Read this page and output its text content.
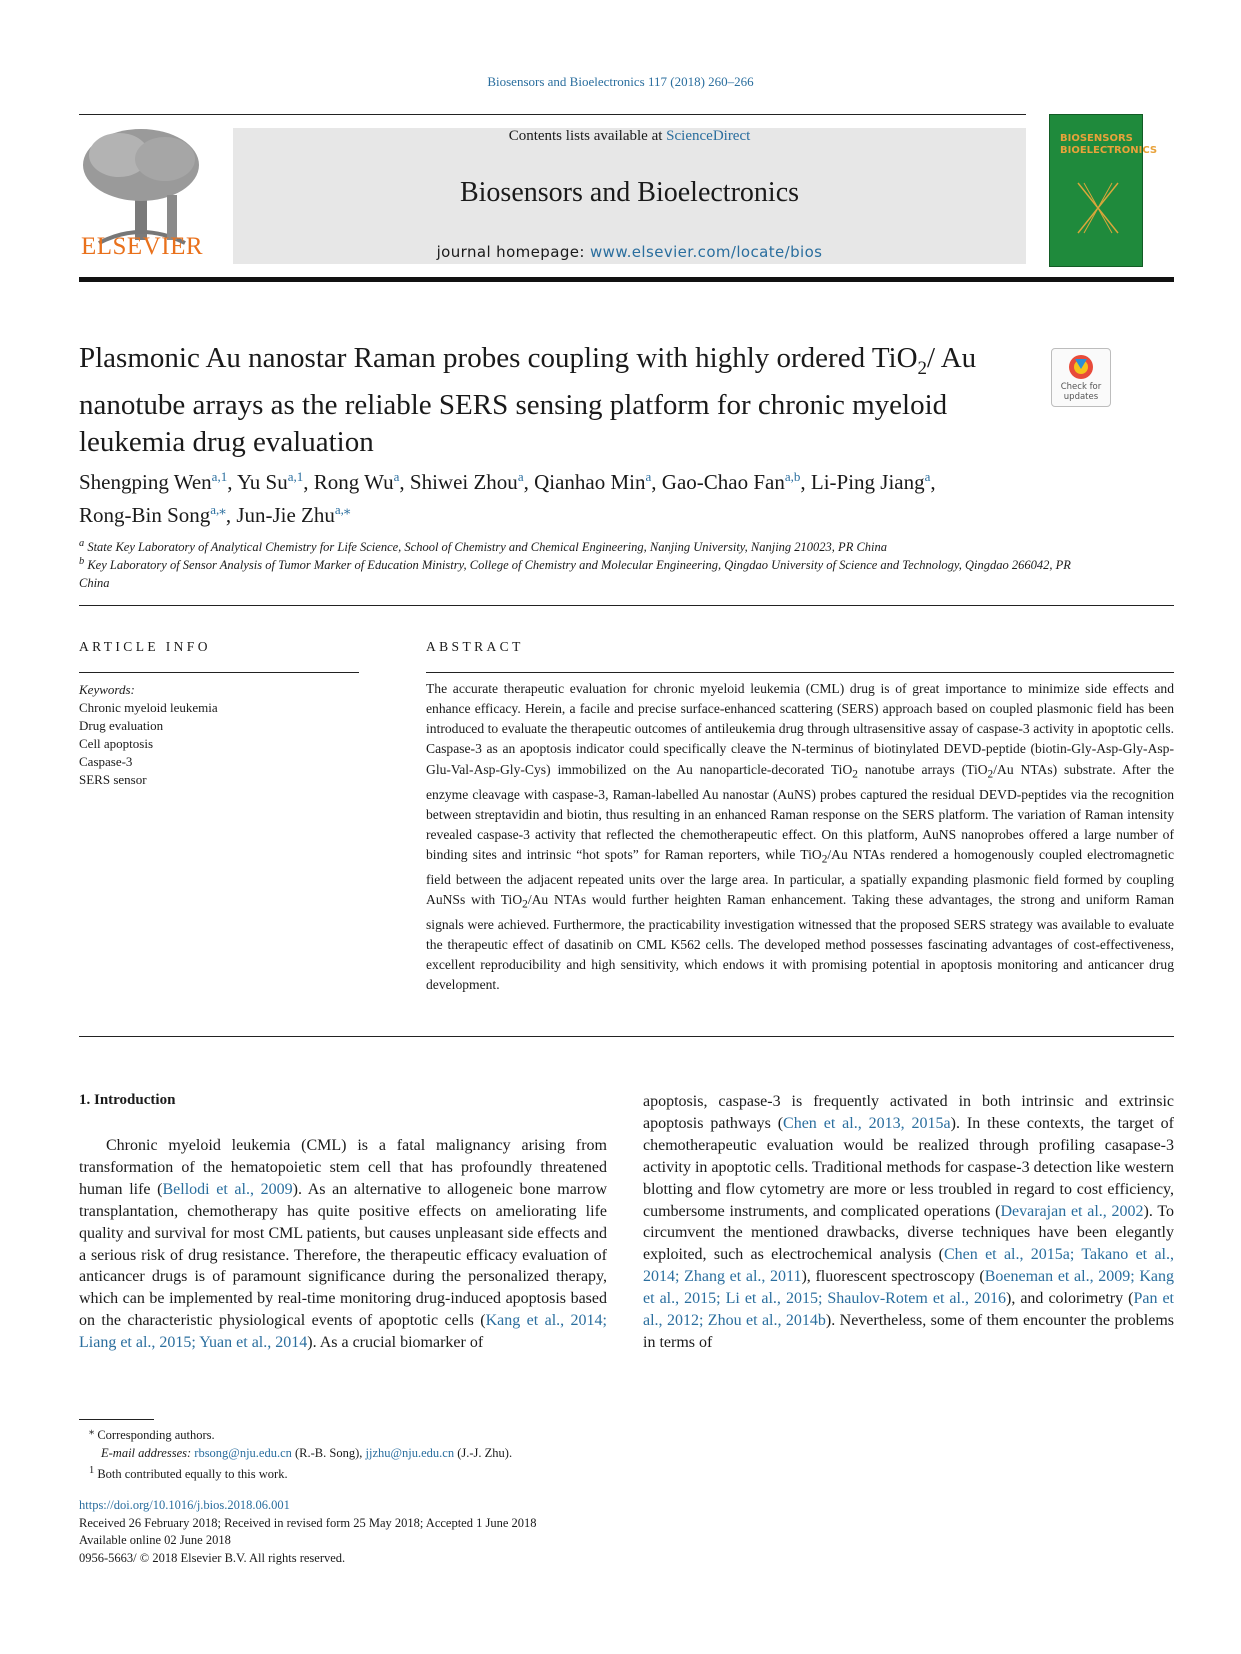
Biosensors and Bioelectronics 117 (2018) 260–266
ELSEVIER
Contents lists available at ScienceDirect
Biosensors and Bioelectronics
journal homepage: www.elsevier.com/locate/bios
BIOSENSORS
BIOELECTRONICS
Plasmonic Au nanostar Raman probes coupling with highly ordered TiO$_2$/ Au nanotube arrays as the reliable SERS sensing platform for chronic myeloid leukemia drug evaluation
Check for
updates
Shengping Wen$^{a,1}$, Yu Su$^{a,1}$, Rong Wu$^a$, Shiwei Zhou$^a$, Qianhao Min$^a$, Gao-Chao Fan$^{a,b}$, Li-Ping Jiang$^a$,
Rong-Bin Song$^{a,⁎}$, Jun-Jie Zhu$^{a,⁎}$
$^a$ State Key Laboratory of Analytical Chemistry for Life Science, School of Chemistry and Chemical Engineering, Nanjing University, Nanjing 210023, PR China
$^b$ Key Laboratory of Sensor Analysis of Tumor Marker of Education Ministry, College of Chemistry and Molecular Engineering, Qingdao University of Science and Technology, Qingdao 266042, PR China
ARTICLE INFO	ABSTRACT
Keywords:
Chronic myeloid leukemia
Drug evaluation
Cell apoptosis
Caspase-3
SERS sensor
The accurate therapeutic evaluation for chronic myeloid leukemia (CML) drug is of great importance to minimize side effects and enhance efficacy. Herein, a facile and precise surface-enhanced scattering (SERS) approach based on coupled plasmonic field has been introduced to evaluate the therapeutic outcomes of antileukemia drug through ultrasensitive assay of caspase-3 activity in apoptotic cells. Caspase-3 as an apoptosis indicator could specifically cleave the N-terminus of biotinylated DEVD-peptide (biotin-Gly-Asp-Gly-Asp-Glu-Val-Asp-Gly-Cys) immobilized on the Au nanoparticle-decorated TiO$_2$ nanotube arrays (TiO$_2$/Au NTAs) substrate. After the enzyme cleavage with caspase-3, Raman-labelled Au nanostar (AuNS) probes captured the residual DEVD-peptides via the recognition between streptavidin and biotin, thus resulting in an enhanced Raman response on the SERS platform. The variation of Raman intensity revealed caspase-3 activity that reflected the chemotherapeutic effect. On this platform, AuNS nanoprobes offered a large number of binding sites and intrinsic “hot spots” for Raman reporters, while TiO$_2$/Au NTAs rendered a homogenously coupled electromagnetic field between the adjacent repeated units over the large area. In particular, a spatially expanding plasmonic field formed by coupling AuNSs with TiO$_2$/Au NTAs would further heighten Raman enhancement. Taking these advantages, the strong and uniform Raman signals were achieved. Furthermore, the practicability investigation witnessed that the proposed SERS strategy was available to evaluate the therapeutic effect of dasatinib on CML K562 cells. The developed method possesses fascinating advantages of cost-effectiveness, excellent reproducibility and high sensitivity, which endows it with promising potential in apoptosis monitoring and anticancer drug development.
1. Introduction

Chronic myeloid leukemia (CML) is a fatal malignancy arising from transformation of the hematopoietic stem cell that has profoundly threatened human life (Bellodi et al., 2009). As an alternative to allogeneic bone marrow transplantation, chemotherapy has quite positive effects on ameliorating life quality and survival for most CML patients, but causes unpleasant side effects and a serious risk of drug resistance. Therefore, the therapeutic efficacy evaluation of anticancer drugs is of paramount significance during the personalized therapy, which can be implemented by real-time monitoring drug-induced apoptosis based on the characteristic physiological events of apoptotic cells (Kang et al., 2014; Liang et al., 2015; Yuan et al., 2014). As a crucial biomarker of

apoptosis, caspase-3 is frequently activated in both intrinsic and extrinsic apoptosis pathways (Chen et al., 2013, 2015a). In these contexts, the target of chemotherapeutic evaluation would be realized through profiling casapase-3 activity in apoptotic cells. Traditional methods for caspase-3 detection like western blotting and flow cytometry are more or less troubled in regard to cost efficiency, cumbersome instruments, and complicated operations (Devarajan et al., 2002). To circumvent the mentioned drawbacks, diverse techniques have been elegantly exploited, such as electrochemical analysis (Chen et al., 2015a; Takano et al., 2014; Zhang et al., 2011), fluorescent spectroscopy (Boeneman et al., 2009; Kang et al., 2015; Li et al., 2015; Shaulov-Rotem et al., 2016), and colorimetry (Pan et al., 2012; Zhou et al., 2014b). Nevertheless, some of them encounter the problems in terms of
⁎ Corresponding authors.
E-mail addresses: rbsong@nju.edu.cn (R.-B. Song), jjzhu@nju.edu.cn (J.-J. Zhu).
$^1$ Both contributed equally to this work.
https://doi.org/10.1016/j.bios.2018.06.001
Received 26 February 2018; Received in revised form 25 May 2018; Accepted 1 June 2018
Available online 02 June 2018
0956-5663/ © 2018 Elsevier B.V. All rights reserved.
